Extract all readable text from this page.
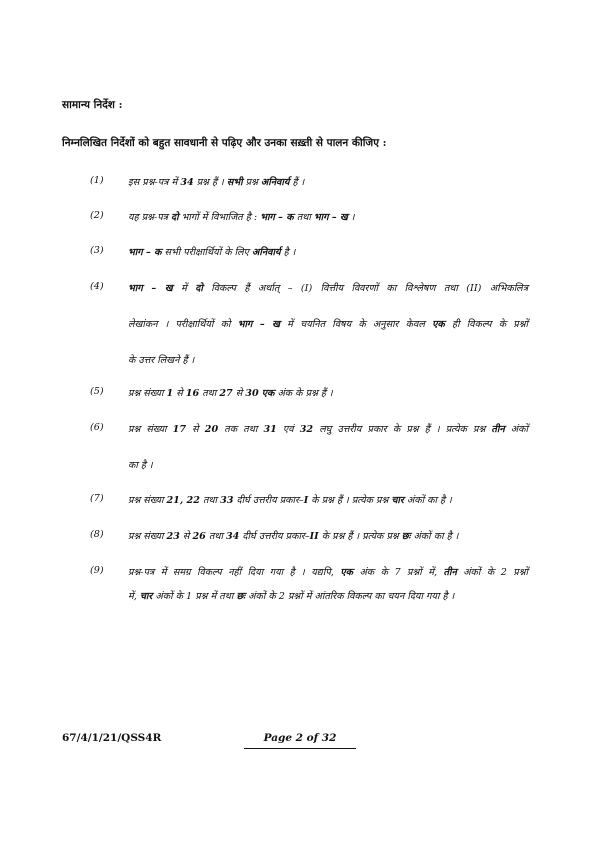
सामान्य निर्देश :
निम्नलिखित निर्देशों को बहुत सावधानी से पढ़िए और उनका सख़्ती से पालन कीजिए :
(1)	इस प्रश्न-पत्र में 34 प्रश्न हैं । सभी प्रश्न अनिवार्य हैं ।
(2)	यह प्रश्न-पत्र दो भागों में विभाजित है : भाग – क तथा भाग – ख ।
(3)	भाग – क सभी परीक्षार्थियों के लिए अनिवार्य है ।
(4)	भाग – ख में दो विकल्प हैं अर्थात् – (I) वित्तीय विवरणों का विश्लेषण तथा (II) अभिकलित्र
लेखांकन । परीक्षार्थियों को भाग – ख में चयनित विषय के अनुसार केवल एक ही विकल्प के प्रश्नों
के उत्तर लिखने हैं ।
(5)	प्रश्न संख्या 1 से 16 तथा 27 से 30 एक अंक के प्रश्न हैं ।
(6)	प्रश्न संख्या 17 से 20 तक तथा 31 एवं 32 लघु उत्तरीय प्रकार के प्रश्न हैं । प्रत्येक प्रश्न तीन अंकों
का है ।
(7)	प्रश्न संख्या 21, 22 तथा 33 दीर्घ उत्तरीय प्रकार–I के प्रश्न हैं । प्रत्येक प्रश्न चार अंकों का है ।
(8)	प्रश्न संख्या 23 से 26 तथा 34 दीर्घ उत्तरीय प्रकार–II के प्रश्न हैं । प्रत्येक प्रश्न छः अंकों का है ।
(9)	प्रश्न-पत्र में समग्र विकल्प नहीं दिया गया है । यद्यपि, एक अंक के 7 प्रश्नों में, तीन अंकों के 2 प्रश्नों
में, चार अंकों के 1 प्रश्न में तथा छः अंकों के 2 प्रश्नों में आंतरिक विकल्प का चयन दिया गया है ।
67/4/1/21/QSS4R	Page 2 of 32
